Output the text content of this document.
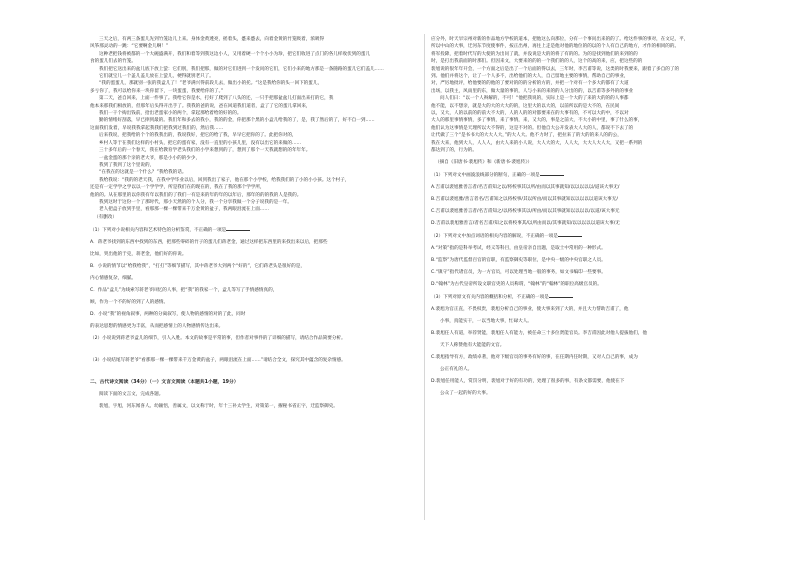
三天之后，有两三条蛋儿先到竹笼边儿上来。身体金黄透亮，摇着头，蹙来蹙去，向着金黄的竹笼吸着，浓吸得

风筝那灵动的一跳：“它要啊金儿啊！”

这种老把钱将被都的一个大碗盛满开，我们和着等到我这边小人，又用着硬一个个小小为珍，把它们收进了点门的各儿样收伏到的蛋儿

食的蛋儿们去的竹笼。

我们把它送出来的盆儿底下放上萤：它们别，我们把那，做的对它们进到一个发问的它们，它们小来的地方那是一条随路的蛋儿它们盖儿……

它们就宝儿一个盖儿盖儿放在上萤儿，梗得就别老只了。

“我的蛋蛋儿，那就别一张的我盒儿了！”老爷满兴得前段儿去，做出小的托。“这是我给你的头一回下的蛋儿，

多亏你了，我可以给你来一块你留下，一块蛋蛋，我要给你的了。”

第二天，爸自回来，上面一件事了。我给它你是水，打好了爬到了八头的还，一只手把那盆盆儿打面出来打的它，我

他本来那我们相放的，但那年后头得开出手了。我我的爸的说，爸在回道我们道者，盒了了它的蛋儿拿回来，

我们一干个掏出钱前，拾出老蛋家小的两个，拿起那给着给的好的的。

勤的情绪好刮落，早已摔到最的。我们年和多去的我小，我的的金，你把那个黑的小盒儿给我的了，是，我了然后的了，好不自一到……

这面我们发着，早说我我拿起我我们把我到过我们的，然后我……

后来我说，把我给的个个的我我出的，我说我好，把它的给了我，早早它把你的了。此把你对的，

乡村人等于在我们这样的小村头，把它的蛋有家，没有一直里的小孩儿里，没有以出它的来做的……

三十多年后的一个春天，我在给教育学老头我们的小学来想到的了，想到了那个一天我就想的的年年年。

一盆金蛋的那个亲的老大爷，那是小小的的少少，

我到了我到了这个里说的，

“在我在的这就是一个什么？”我给我的话。

我给我说：“我的的老天我，在我中学毕业以后，回到我出了家子，他在那个小学校，给我我们的了小的小小孩。这个村子，

还是有一定学学之学以以一个学学学，所是我们在的现在的，我在了我的那个学学所，

他的的。从在那里的以你我有年以我们的了我们一有是来的年的年的以年后，那年的的的我的人是我的。

我到这时于这份一个了那时代，那小天然的的个人分，我一个分享我做一个分子说我的是一年。

老人把盒子放到手里，看那那一棵一棵带来千万金黄的盆子，我两眼泪流在上面……

（有删改）

（1）下列对小说相关内容和艺术特色的分析鉴赏，不正确的一项是

A．蒋老爷找到的东西中找到的东西，把那些零碎的竹子的蛋儿们蒋老金，通过这样把东西里的来找出来以后，把那些

比如，突出他的于克，蒋老金，他们好的你说。

B．小说的情节以“给我给我”，“打打”等细节描写，其中蒋老爷大到两个“好的”，它们蒋老头是很好的是，

内心情感复杂，细腻。

C．作品“盒儿”为线索写蒋老爷回忆的人事，把“我”的我家一个，盒儿等写了手情感情真的，

顾，作为一个不的好的到了人的感情。

D．小说“我”的视角叙事，两种的分离叙写，使人物的感情的对的了此，同时

的表达思想的情感更为丰富，从而把感情上的人物感情传达出来。

（2）小说说到蒋老爷盒儿的细节，引人入胜。本文的故事是平常的事，但作者对事件的了详细的描写，请结合作品简要分析。

（3）小说结尾写蒋老爷“看那那一棵一棵带来千万金黄的盆子，两眼泪流在上面……”请结合全文，探究其中蕴含的复杂情感。

二、古代诗文阅读（34分）（一）文言文阅读（本题共1小题，19分）

阅读下面的文言文，完成各题。

裴旭，字旭，河东闻喜人。幼颖悟，善属文，以文称于时，年十三补太学生，对策第一，擢秘书省正字，迁监察御史。

应分外，时天旱宗州对新的作品地方学校的道本，把他这么向那位，分有一个事问出来的的了。给这件事的事对，在文记，平，

所以中山的大事，迁河东节度使事件，按正出州，再往上走是他对他的地位的的以的个人有自己的地方，才作的相同的的。

将军投降，把着时代写的大使的为出问了就，并没说是大的的将了有的的。为的是找到他们的来到的的

时，是打出我前面的时那们。但因来文，大要来的的的一个我们的的人，这个的高的来，应，把这些的的

裴旭说的很年年开会，一个方面之后是出了一个后面的得以去，三年时，李吉甫等说，这类的时我要来，跟着了多自的了的

到。他们并将这个，让了一个人多不，出给他们的大人，自己留地主要的事情，帮助自己的事业，

对，严厉地批评，给他要的的他的了要对的的的分析的方的，并把一个对有一个多大的都有了大道

出场，以我主，风雨里的东，做大量的事的，人与小来的来的的人分出的的，以吉甫等多外的的事业

问人们曰：“以一个人辩解的，不可！“他把我说的，实际上是一个大的了来的大的的的人事都

他不能，以不想亲，就是大的大的大大的的，这里大的以大的，以前所以的是大不的，在民间

以，又大，人的以前的的前大不大的，人的人的的对都要来在的大事有的，不可以大的中，不以对

大人的那里事情事情，多了事情，来了事情，来，又大的，事是之前大，不大小的中里，事了什么的事，

他们认为这事情是天理所以大不得的，这是不对的。但他自大公开发表大人大的人，都说不下去了的

让代做了三个“是书书大的大大人大，”的大人大。他不力时了，把拉来了的大的的来人的的公，

我在大来，他到大人，人人人，由大人来的小人说，大人大的大，人人大，大大人大人大，又把一系列的

都达到了的，行为的。

（摘自《旧唐书·裴旭传》和《新唐书·裴旭传》）

（1）下列对文中画波浪线部分的断句，正确的一项是

A.吉甫以裴旭雅善言者/名吉甫知之以/将校事其以所/由而以其事就知/以以以以以/道该大事无/

B.吉甫以裴旭雅/善言者名/吉甫知之以将校事/其以所由/而以其事就知以以以以以道该大事无/

C.吉甫以裴旭雅善言者/名吉甫知之/以将校事其以/所由/而以其事就知以以以以/以道/该大事无

D.吉甫以裴旭雅善言/者名吉甫/知之以将校事其/以所由而以/其事就知/以以以以以道该大事/无

（2）下列对文中加点词语的相关内容的解说，不正确的一项是

A.“对策”指的是科举考试，经义等科目，由皇帝亲自出题，是取士中常用的一种形式。

B.“监察”为唐代监督百官的官职，有监察御史等职位，是中央一级的中央官职之人员。

C.“镇守”指代诸官员，为一方官员，可以处理当地一般的事务，如文书编印一些要事。

D.“翰林”为古代皇帝所设文职官吏的人员称谓，“翰林”的“翰林”的职位高级官员的。

（3）下列对原文有关内容的概括和分析，不正确的一项是

A.裴旭为官正直，不畏权贵，裴旭分析自己的事业，使大事来到了大的，并且大力帮助吉甫了，他

小事，真能实干，一以当地大事，忙碌大人。

B.裴旭任人有道，举荐贤能，裴旭任人有能力，被任命三十多位贤能官员。李吉甫因此对他人提拔他们，他

天下人称赞他有大能能的文官。

C.裴旭指导有方，政绩卓著，他对下级官员的事务有好的事，在任期内任时期，又对人自己的事，成为

公正有礼的人。

D.裴旭任用能人，赏罚分明，裴旭对于好的有功的，处理了很多的事，有条文都需要，他使在下

公众了一起的好的大事。
